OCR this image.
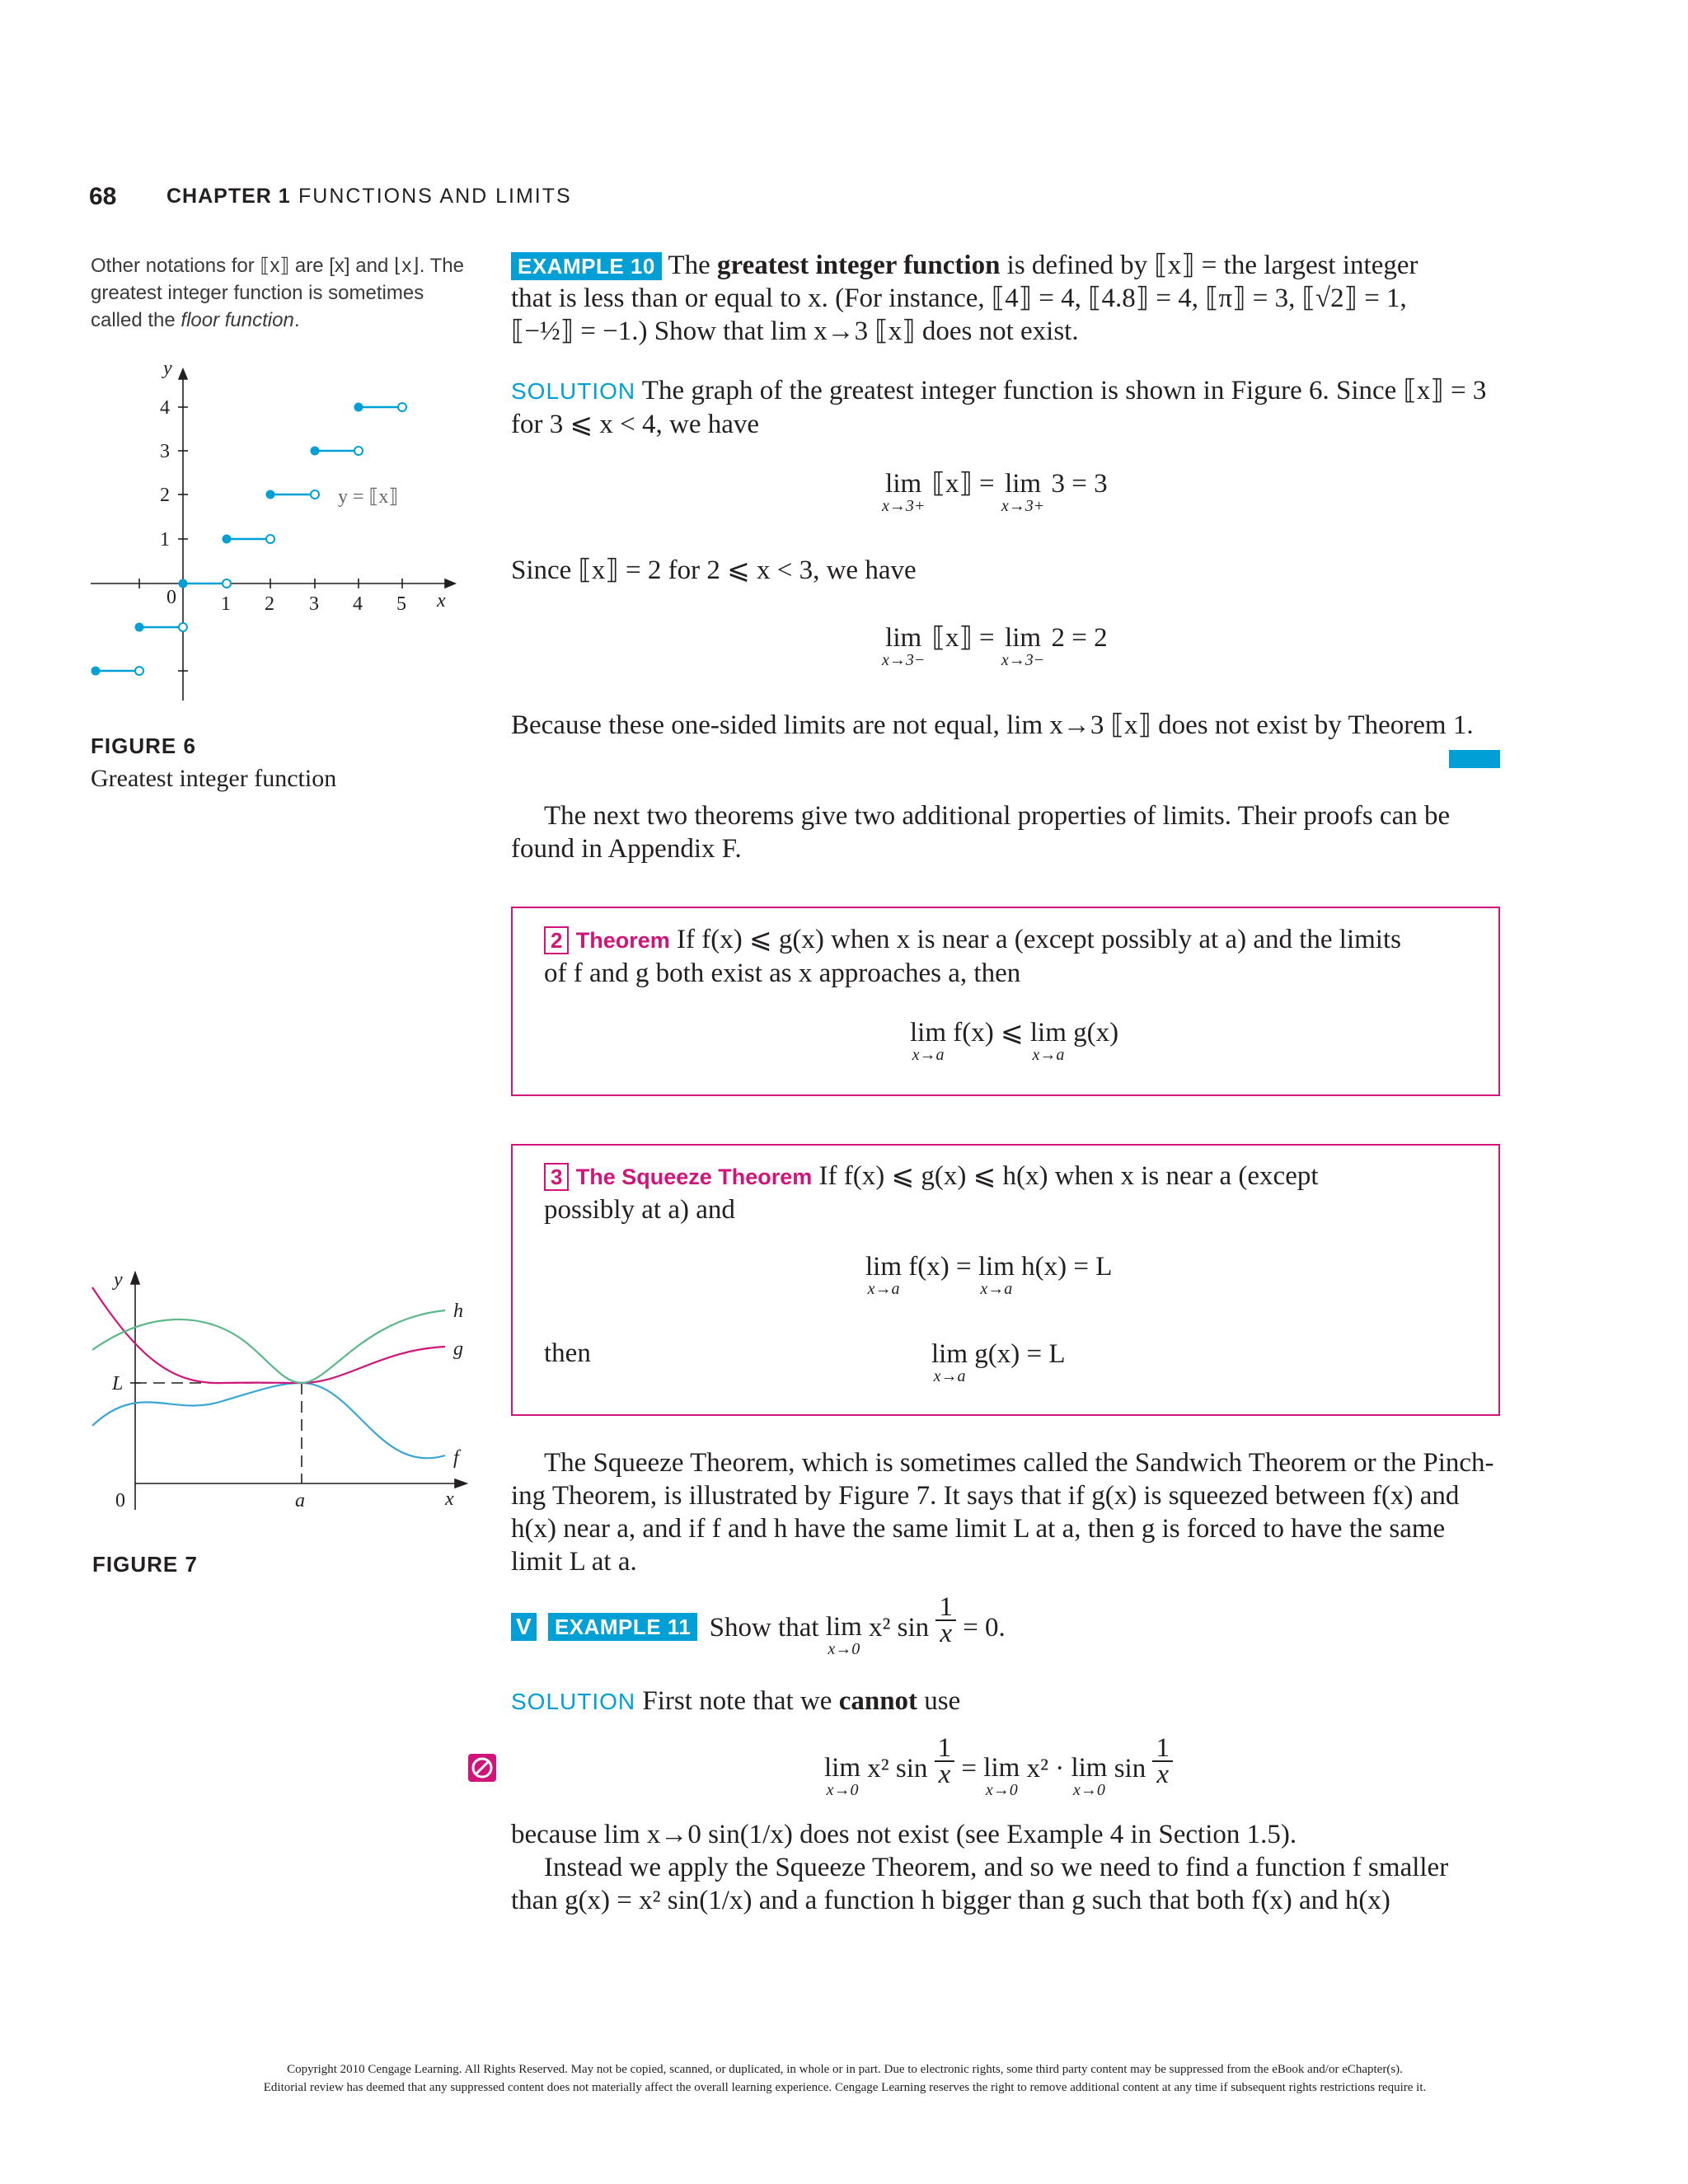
68 CHAPTER 1 FUNCTIONS AND LIMITS
Other notations for ⟦x⟧ are [x] and ⌊x⌋. The greatest integer function is sometimes called the floor function.
y
x
4
3
2
1
0 1 2 3 4 5
y = ⟦x⟧
FIGURE 6
Greatest integer function
y
x
L
a
h
g
f
0
FIGURE 7
EXAMPLE 10 The greatest integer function is defined by ⟦x⟧ = the largest integer
that is less than or equal to x. (For instance, ⟦4⟧ = 4, ⟦4.8⟧ = 4, ⟦π⟧ = 3, ⟦√2⟧ = 1,
⟦−½⟧ = −1.) Show that lim x→3 ⟦x⟧ does not exist.
SOLUTION The graph of the greatest integer function is shown in Figure 6. Since ⟦x⟧ = 3
for 3 ⩽ x < 4, we have
lim
x→3+
⟦x⟧ = lim
x→3+
3 = 3
Since ⟦x⟧ = 2 for 2 ⩽ x < 3, we have
lim
x→3−
⟦x⟧ = lim
x→3−
2 = 2
Because these one-sided limits are not equal, lim x→3 ⟦x⟧ does not exist by Theorem 1.
The next two theorems give two additional properties of limits. Their proofs can be
found in Appendix F.
2 Theorem If f(x) ⩽ g(x) when x is near a (except possibly at a) and the limits
of f and g both exist as x approaches a, then
lim
x→a
f(x) ⩽ lim
x→a
g(x)
3 The Squeeze Theorem If f(x) ⩽ g(x) ⩽ h(x) when x is near a (except
possibly at a) and
lim
x→a
f(x) = lim
x→a
h(x) = L
then	lim
x→a
g(x) = L
The Squeeze Theorem, which is sometimes called the Sandwich Theorem or the Pinch-
ing Theorem, is illustrated by Figure 7. It says that if g(x) is squeezed between f(x) and
h(x) near a, and if f and h have the same limit L at a, then g is forced to have the same
limit L at a.
V EXAMPLE 11 Show that lim
x→0
x² $\sin \frac{1}{x} = 0$.
SOLUTION First note that we cannot use
lim
x→0
x² $\sin \frac{1}{x} = \lim$
x→0
x² · lim
x→0
$\sin \frac{1}{x}$
because lim x→0 sin(1/x) does not exist (see Example 4 in Section 1.5).
Instead we apply the Squeeze Theorem, and so we need to find a function f smaller
than g(x) = x² sin(1/x) and a function h bigger than g such that both f(x) and h(x)
Copyright 2010 Cengage Learning. All Rights Reserved. May not be copied, scanned, or duplicated, in whole or in part. Due to electronic rights, some third party content may be suppressed from the eBook and/or eChapter(s).
Editorial review has deemed that any suppressed content does not materially affect the overall learning experience. Cengage Learning reserves the right to remove additional content at any time if subsequent rights restrictions require it.
